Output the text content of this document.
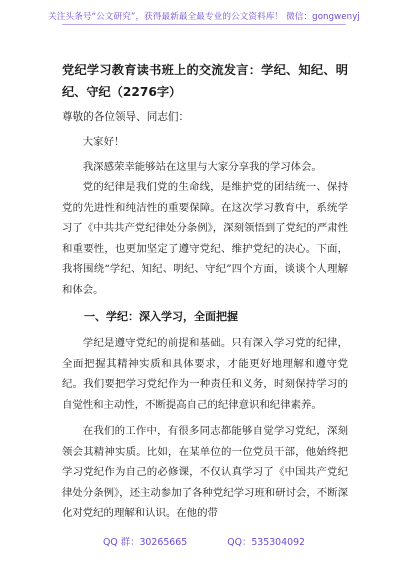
关注头条号“公文研究”，获得最新最全最专业的公文资料库！ 微信：gongwenyj
党纪学习教育读书班上的交流发言：学纪、知纪、明纪、守纪（2276字）

尊敬的各位领导、同志们：

大家好！

我深感荣幸能够站在这里与大家分享我的学习体会。

党的纪律是我们党的生命线，是维护党的团结统一、保持党的先进性和纯洁性的重要保障。在这次学习教育中，系统学习了《中共共产党纪律处分条例》，深刻领悟到了党纪的严肃性和重要性，也更加坚定了遵守党纪、维护党纪的决心。下面，我将围绕“学纪、知纪、明纪、守纪”四个方面，谈谈个人理解和体会。

一、学纪：深入学习，全面把握

学纪是遵守党纪的前提和基础。只有深入学习党的纪律，全面把握其精神实质和具体要求，才能更好地理解和遵守党纪。我们要把学习党纪作为一种责任和义务，时刻保持学习的自觉性和主动性，不断提高自己的纪律意识和纪律素养。

在我们的工作中，有很多同志都能够自觉学习党纪，深刻领会其精神实质。比如，在某单位的一位党员干部，他始终把学习党纪作为自己的必修课，不仅认真学习了《中国共产党纪律处分条例》，还主动参加了各种党纪学习班和研讨会，不断深化对党纪的理解和认识。在他的带

QQ 群：30265665	QQ：535304092
